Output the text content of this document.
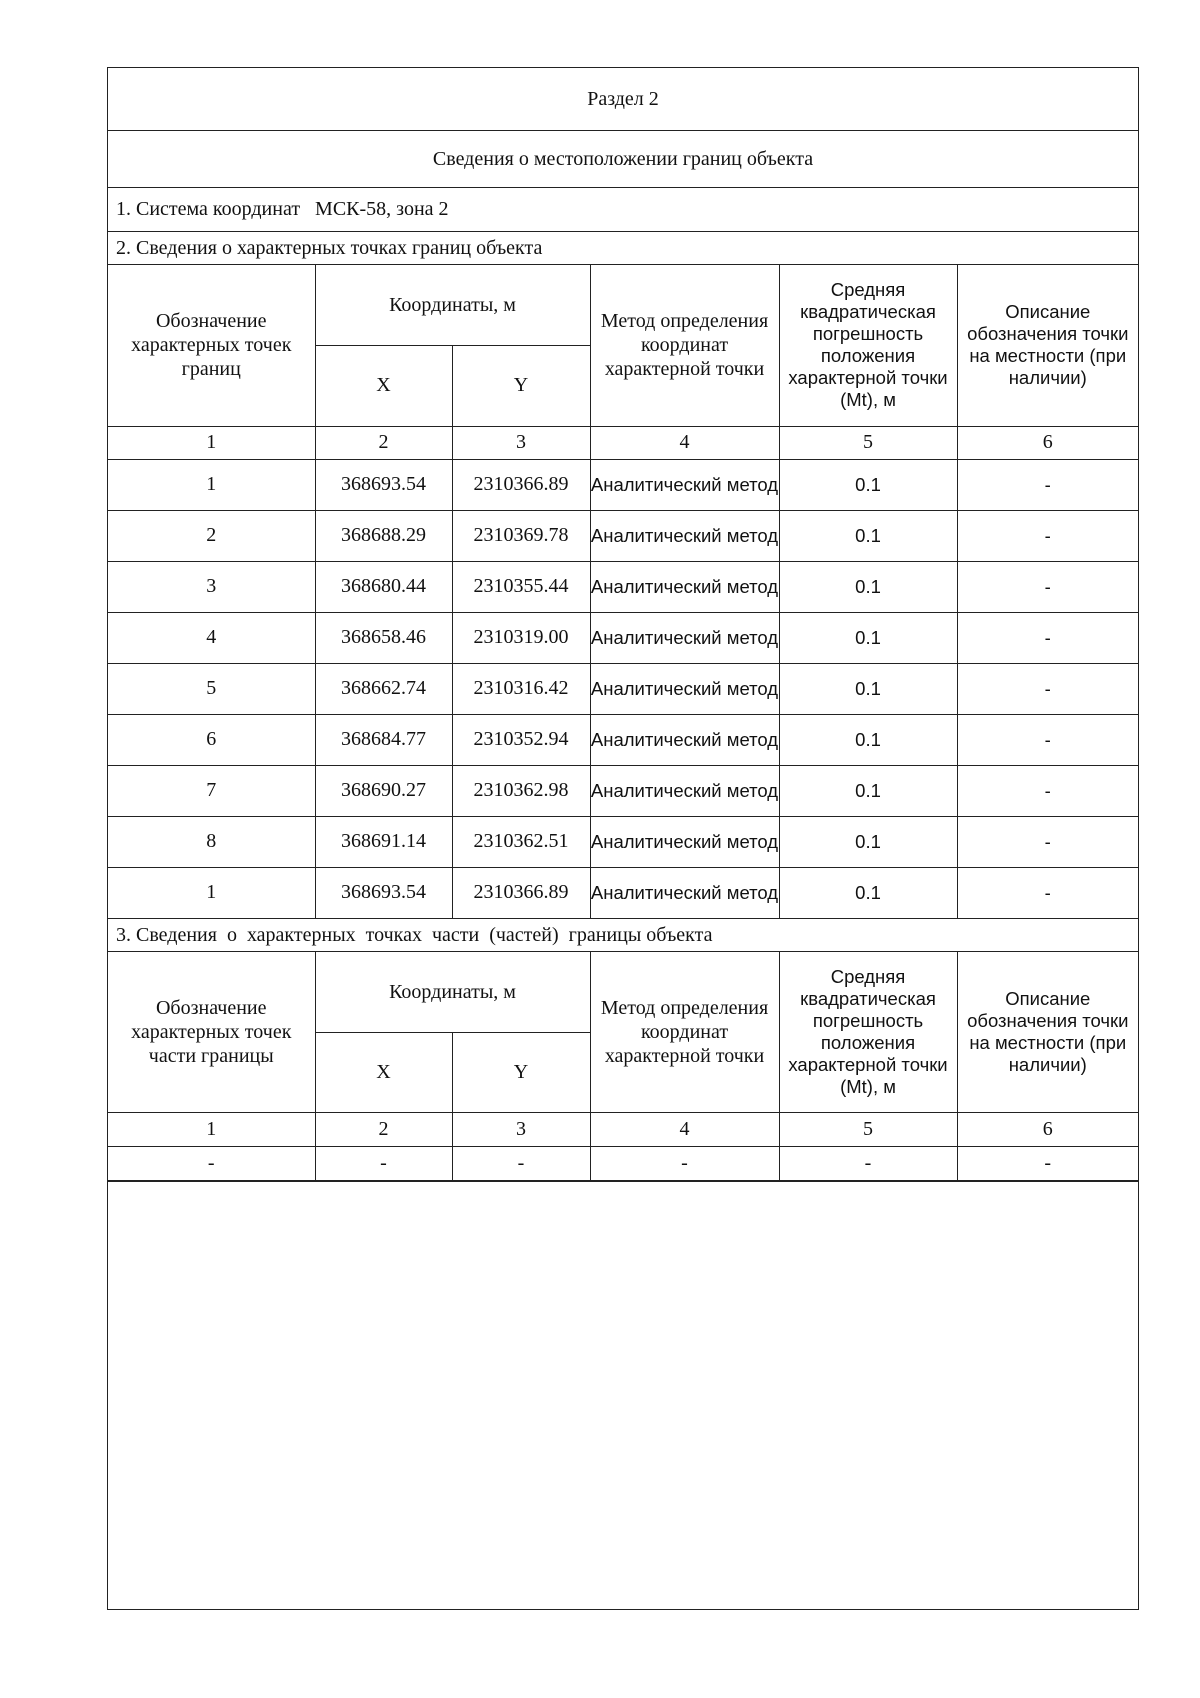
Раздел 2
Сведения о местоположении границ объекта
1. Система координат   МСК-58, зона 2
2. Сведения о характерных точках границ объекта
Обозначение характерных точек границ	Координаты, м		Метод определения координат характерной точки	Средняя квадратическая погрешность положения характерной точки (Mt), м	Описание обозначения точки на местности (при наличии)
	X	Y			
1	2	3	4	5	6
1	368693.54	2310366.89	Аналитический метод	0.1	-
2	368688.29	2310369.78	Аналитический метод	0.1	-
3	368680.44	2310355.44	Аналитический метод	0.1	-
4	368658.46	2310319.00	Аналитический метод	0.1	-
5	368662.74	2310316.42	Аналитический метод	0.1	-
6	368684.77	2310352.94	Аналитический метод	0.1	-
7	368690.27	2310362.98	Аналитический метод	0.1	-
8	368691.14	2310362.51	Аналитический метод	0.1	-
1	368693.54	2310366.89	Аналитический метод	0.1	-
3. Сведения  о  характерных  точках  части  (частей)  границы объекта
Обозначение характерных точек части границы	Координаты, м		Метод определения координат характерной точки	Средняя квадратическая погрешность положения характерной точки (Mt), м	Описание обозначения точки на местности (при наличии)
	X	Y			
1	2	3	4	5	6
-	-	-	-	-	-
